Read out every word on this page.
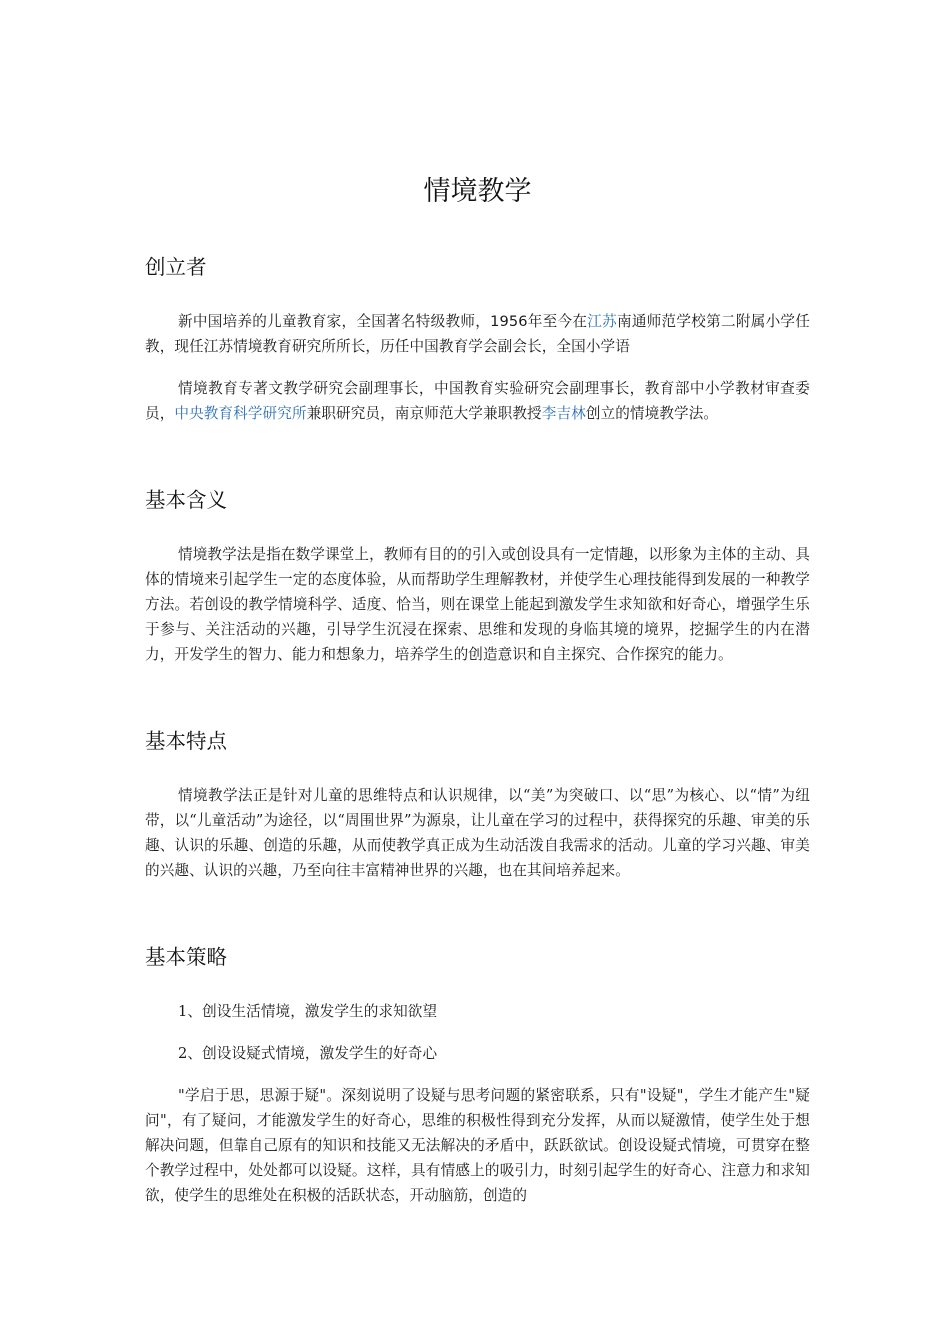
情境教学
创立者

新中国培养的儿童教育家，全国著名特级教师，1956年至今在江苏南通师范学校第二附属小学任教，现任江苏情境教育研究所所长，历任中国教育学会副会长，全国小学语

情境教育专著文教学研究会副理事长，中国教育实验研究会副理事长，教育部中小学教材审查委员，中央教育科学研究所兼职研究员，南京师范大学兼职教授李吉林创立的情境教学法。

基本含义

情境教学法是指在数学课堂上，教师有目的的引入或创设具有一定情趣，以形象为主体的主动、具体的情境来引起学生一定的态度体验，从而帮助学生理解教材，并使学生心理技能得到发展的一种教学方法。若创设的教学情境科学、适度、恰当，则在课堂上能起到激发学生求知欲和好奇心，增强学生乐于参与、关注活动的兴趣，引导学生沉浸在探索、思维和发现的身临其境的境界，挖掘学生的内在潜力，开发学生的智力、能力和想象力，培养学生的创造意识和自主探究、合作探究的能力。

基本特点

情境教学法正是针对儿童的思维特点和认识规律，以“美”为突破口、以“思”为核心、以“情”为纽带，以“儿童活动”为途径，以“周围世界”为源泉，让儿童在学习的过程中，获得探究的乐趣、审美的乐趣、认识的乐趣、创造的乐趣，从而使教学真正成为生动活泼自我需求的活动。儿童的学习兴趣、审美的兴趣、认识的兴趣，乃至向往丰富精神世界的兴趣，也在其间培养起来。

基本策略

1、创设生活情境，激发学生的求知欲望

2、创设设疑式情境，激发学生的好奇心

"学启于思，思源于疑"。深刻说明了设疑与思考问题的紧密联系，只有"设疑"，学生才能产生"疑问"，有了疑问，才能激发学生的好奇心，思维的积极性得到充分发挥，从而以疑激情，使学生处于想解决问题，但靠自己原有的知识和技能又无法解决的矛盾中，跃跃欲试。创设设疑式情境，可贯穿在整个教学过程中，处处都可以设疑。这样，具有情感上的吸引力，时刻引起学生的好奇心、注意力和求知欲，使学生的思维处在积极的活跃状态，开动脑筋，创造的
